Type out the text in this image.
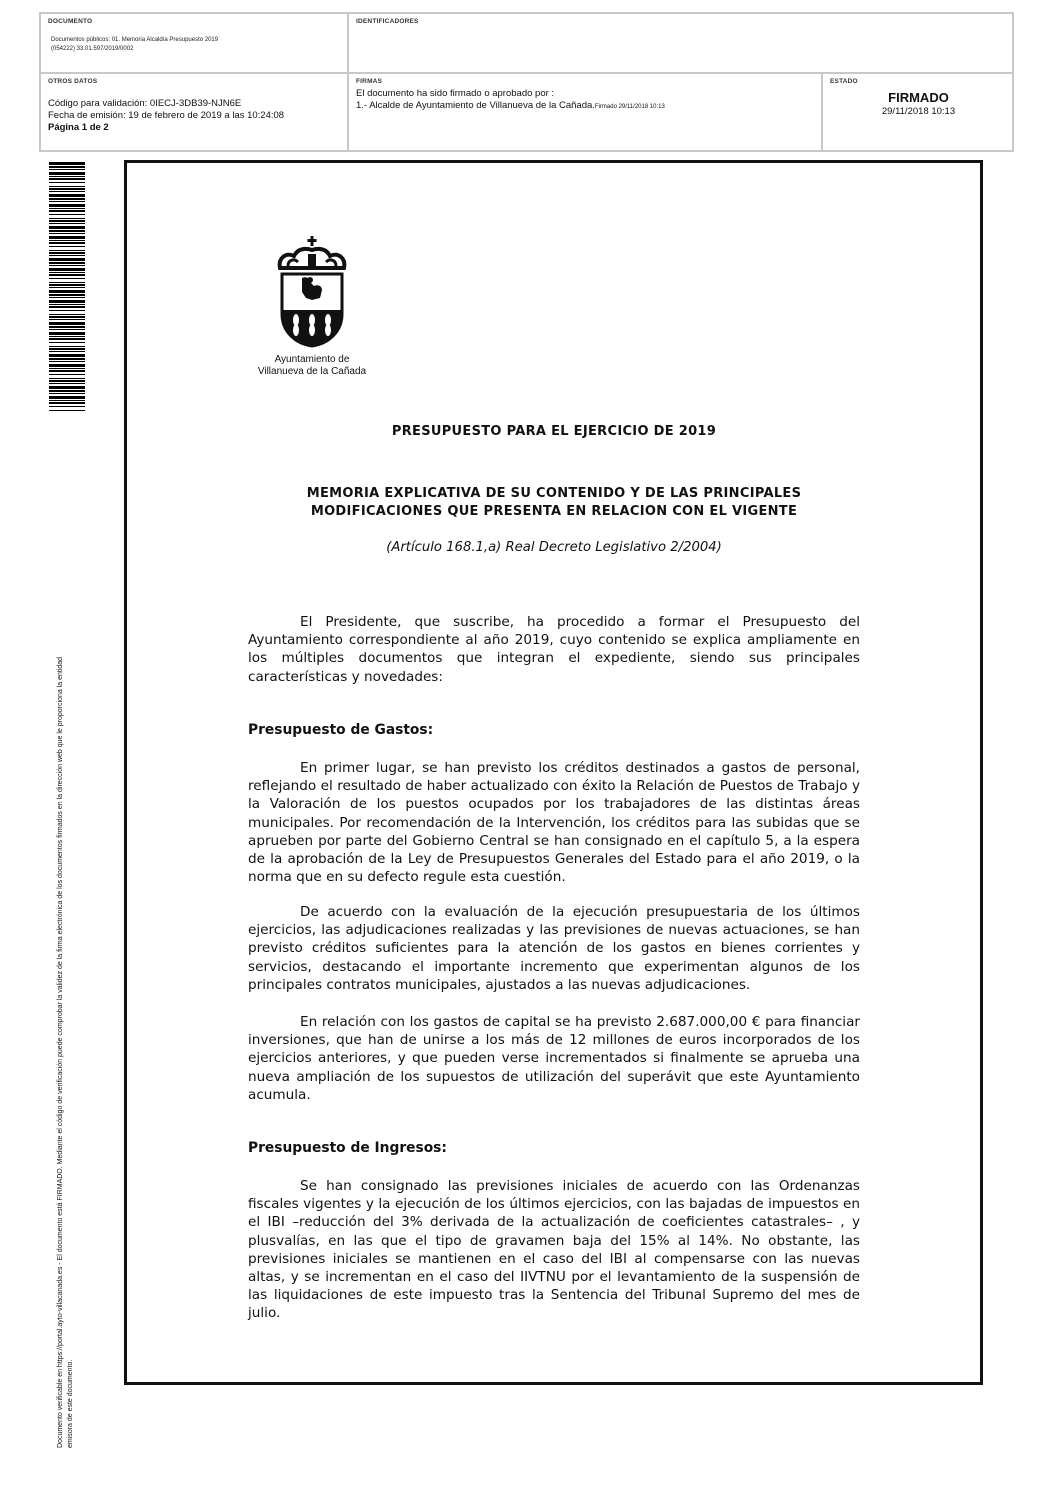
DOCUMENTO
Documentos públicos: 01. Memoria Alcaldía Presupuesto 2019
(054222) 33.01.597/2019/0002
IDENTIFICADORES
OTROS DATOS
Código para validación: 0IECJ-3DB39-NJN6E
Fecha de emisión: 19 de febrero de 2019 a las 10:24:08
Página 1 de 2
FIRMAS
El documento ha sido firmado o aprobado por :
1.- Alcalde de Ayuntamiento de Villanueva de la Cañada.Firmado 29/11/2018 10:13
ESTADO
FIRMADO
29/11/2018 10:13
Documento verificable en https://portal.ayto-villacanada.es - El documento está FIRMADO. Mediante el código de verificación puede comprobar la validez de la firma electrónica de los documentos firmados en la dirección web que le proporciona la entidad emisora de este documento.
Ayuntamiento de
Villanueva de la Cañada
PRESUPUESTO PARA EL EJERCICIO DE 2019
MEMORIA EXPLICATIVA DE SU CONTENIDO Y DE LAS PRINCIPALES
MODIFICACIONES QUE PRESENTA EN RELACION CON EL VIGENTE
(Artículo 168.1,a) Real Decreto Legislativo 2/2004)

El Presidente, que suscribe, ha procedido a formar el Presupuesto del Ayuntamiento correspondiente al año 2019, cuyo contenido se explica ampliamente en los múltiples documentos que integran el expediente, siendo sus principales características y novedades:

Presupuesto de Gastos:

En primer lugar, se han previsto los créditos destinados a gastos de personal, reflejando el resultado de haber actualizado con éxito la Relación de Puestos de Trabajo y la Valoración de los puestos ocupados por los trabajadores de las distintas áreas municipales. Por recomendación de la Intervención, los créditos para las subidas que se aprueben por parte del Gobierno Central se han consignado en el capítulo 5, a la espera de la aprobación de la Ley de Presupuestos Generales del Estado para el año 2019, o la norma que en su defecto regule esta cuestión.

De acuerdo con la evaluación de la ejecución presupuestaria de los últimos ejercicios, las adjudicaciones realizadas y las previsiones de nuevas actuaciones, se han previsto créditos suficientes para la atención de los gastos en bienes corrientes y servicios, destacando el importante incremento que experimentan algunos de los principales contratos municipales, ajustados a las nuevas adjudicaciones.

En relación con los gastos de capital se ha previsto 2.687.000,00 € para financiar inversiones, que han de unirse a los más de 12 millones de euros incorporados de los ejercicios anteriores, y que pueden verse incrementados si finalmente se aprueba una nueva ampliación de los supuestos de utilización del superávit que este Ayuntamiento acumula.

Presupuesto de Ingresos:

Se han consignado las previsiones iniciales de acuerdo con las Ordenanzas fiscales vigentes y la ejecución de los últimos ejercicios, con las bajadas de impuestos en el IBI –reducción del 3% derivada de la actualización de coeficientes catastrales– , y plusvalías, en las que el tipo de gravamen baja del 15% al 14%. No obstante, las previsiones iniciales se mantienen en el caso del IBI al compensarse con las nuevas altas, y se incrementan en el caso del IIVTNU por el levantamiento de la suspensión de las liquidaciones de este impuesto tras la Sentencia del Tribunal Supremo del mes de julio.
